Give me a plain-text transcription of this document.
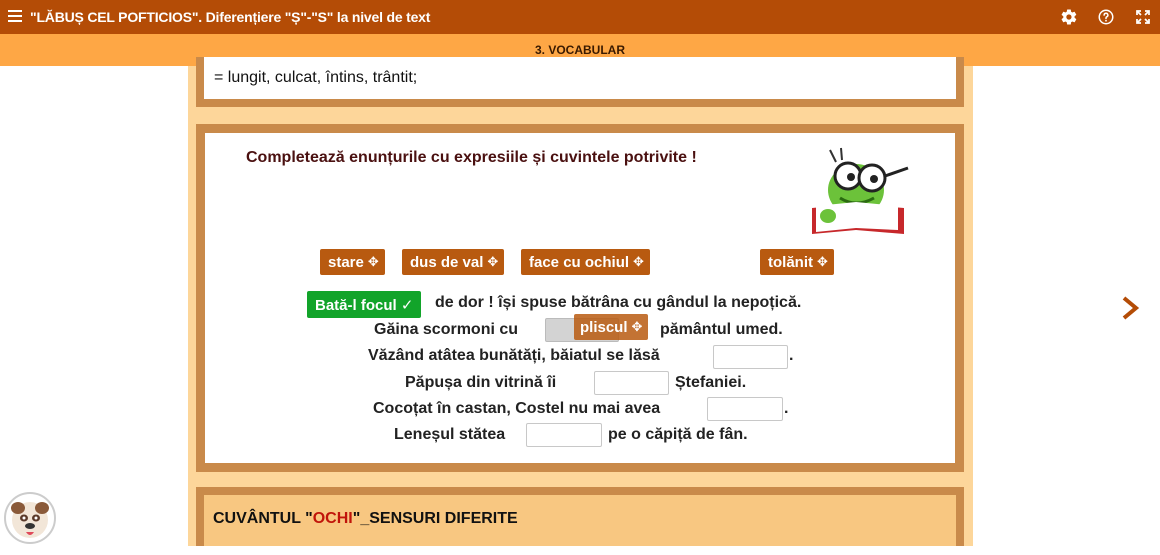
"LĂBUȘ CEL POFTICIOS". Diferențiere "Ș"-"S" la nivel de text
3. VOCABULAR
= lungit, culcat, întins, trântit;
Completează enunțurile cu expresiile și cuvintele potrivite !
stare ✥ dus de val ✥ face cu ochiul ✥	tolănit ✥
Bată-l focul ✓	de dor ! își spuse bătrâna cu gândul la nepoțică.
Găina scormoni cu	pământul umed.
pliscul ✥
Văzând atâtea bunătăți, băiatul se lăsă	.
Păpușa din vitrină îi	Ștefaniei.
Cocoțat în castan, Costel nu mai avea	.
Leneșul stătea	pe o căpiță de fân.
CUVÂNTUL "OCHI"_SENSURI DIFERITE
